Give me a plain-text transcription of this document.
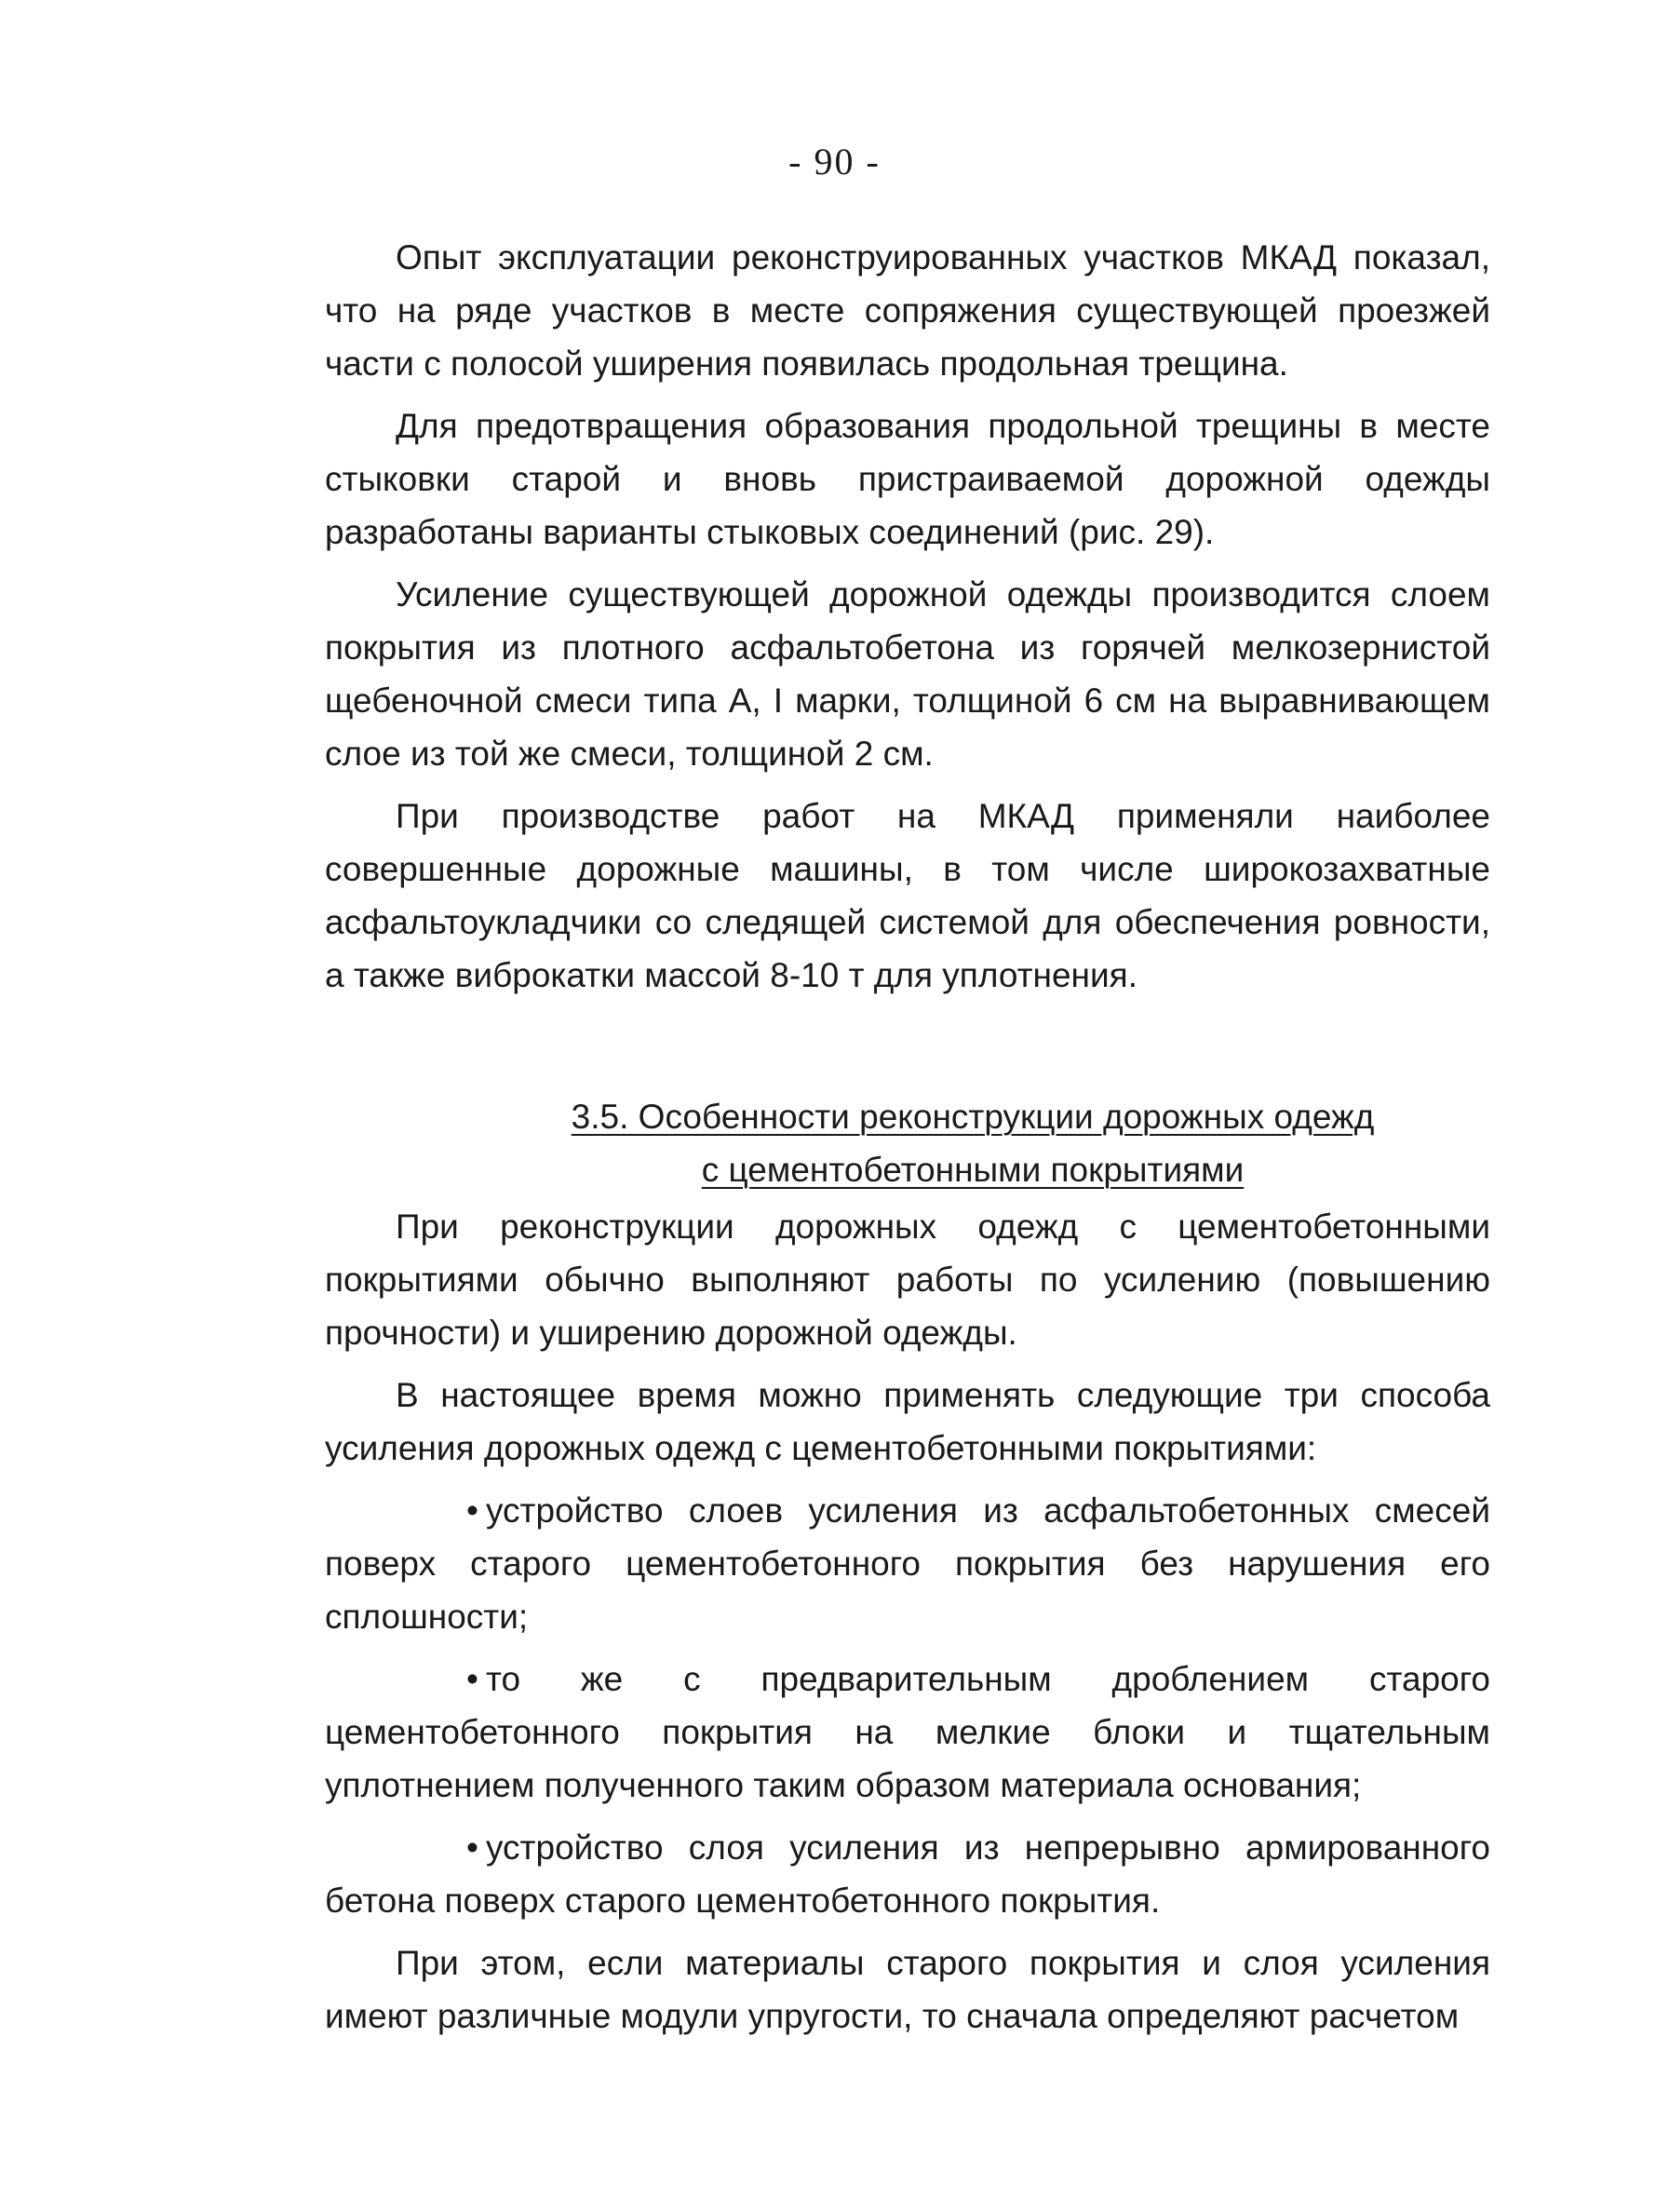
- 90 -

Опыт эксплуатации реконструированных участков МКАД показал, что на ряде участков в месте сопряжения существующей проезжей части с полосой уширения появилась продольная трещина.

Для предотвращения образования продольной трещины в месте стыковки старой и вновь пристраиваемой дорожной одежды разработаны варианты стыковых соединений (рис. 29).

Усиление существующей дорожной одежды производится слоем покрытия из плотного асфальтобетона из горячей мелкозернистой щебеночной смеси типа А, I марки, толщиной 6 см на выравнивающем слое из той же смеси, толщиной 2 см.

При производстве работ на МКАД применяли наиболее совершенные дорожные машины, в том числе широкозахватные асфальтоукладчики со следящей системой для обеспечения ровности, а также виброкатки массой 8-10 т для уплотнения.

3.5. Особенности реконструкции дорожных одежд
с цементобетонными покрытиями

При реконструкции дорожных одежд с цементобетонными покрытиями обычно выполняют работы по усилению (повышению прочности) и уширению дорожной одежды.

В настоящее время можно применять следующие три способа усиления дорожных одежд с цементобетонными покрытиями:

• устройство слоев усиления из асфальтобетонных смесей поверх старого цементобетонного покрытия без нарушения его сплошности;

• то же с предварительным дроблением старого цементобетонного покрытия на мелкие блоки и тщательным уплотнением полученного таким образом материала основания;

• устройство слоя усиления из непрерывно армированного бетона поверх старого цементобетонного покрытия.

При этом, если материалы старого покрытия и слоя усиления имеют различные модули упругости, то сначала определяют расчетом
